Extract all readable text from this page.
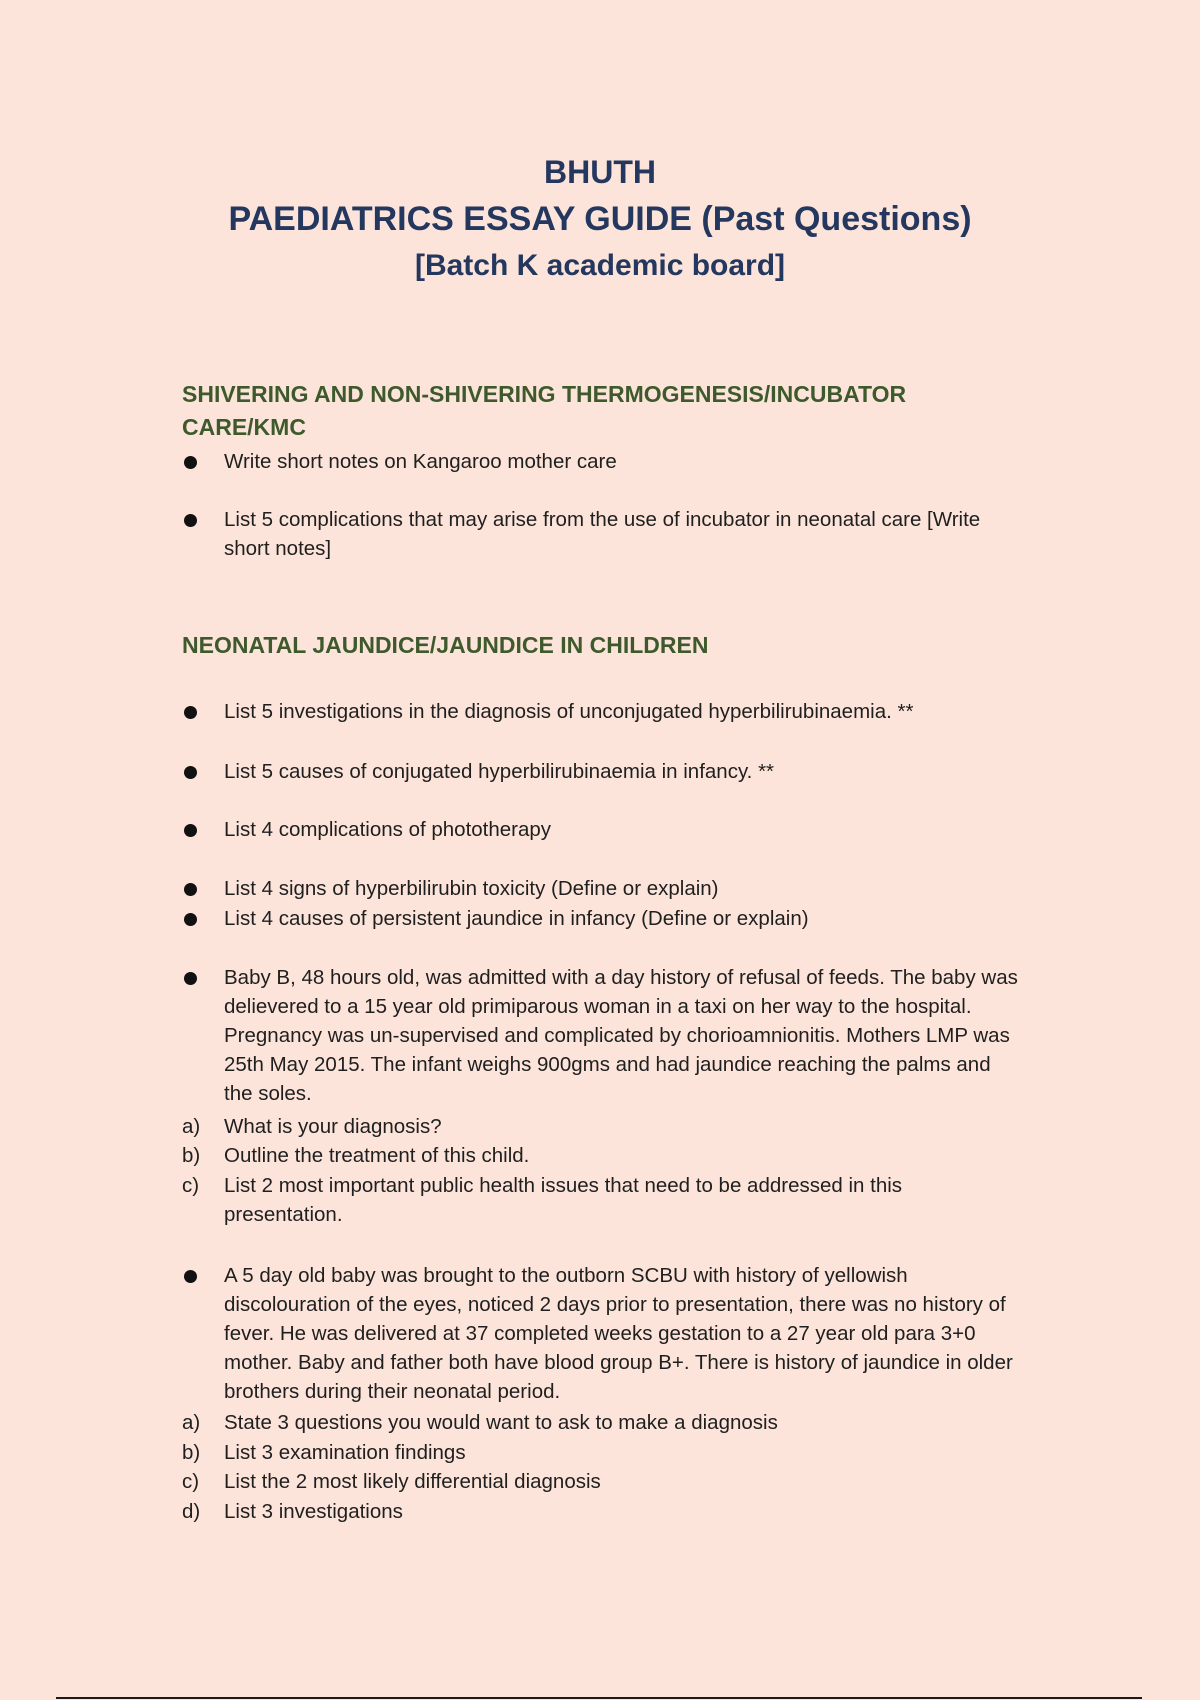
BHUTH
PAEDIATRICS ESSAY GUIDE (Past Questions)
[Batch K academic board]
SHIVERING AND NON-SHIVERING THERMOGENESIS/INCUBATOR
CARE/KMC
Write short notes on Kangaroo mother care
List 5 complications that may arise from the use of incubator in neonatal care [Write short notes]
NEONATAL JAUNDICE/JAUNDICE IN CHILDREN
List 5 investigations in the diagnosis of unconjugated hyperbilirubinaemia. **
List 5 causes of conjugated hyperbilirubinaemia in infancy. **
List 4 complications of phototherapy
List 4 signs of hyperbilirubin toxicity (Define or explain)
List 4 causes of persistent jaundice in infancy (Define or explain)
Baby B, 48 hours old, was admitted with a day history of refusal of feeds. The baby was delievered to a 15 year old primiparous woman in a taxi on her way to the hospital. Pregnancy was un-supervised and complicated by chorioamnionitis. Mothers LMP was 25th May 2015. The infant weighs 900gms and had jaundice reaching the palms and the soles.
a)	What is your diagnosis?
b)	Outline the treatment of this child.
c)	List 2 most important public health issues that need to be addressed in this presentation.
A 5 day old baby was brought to the outborn SCBU with history of yellowish discolouration of the eyes, noticed 2 days prior to presentation, there was no history of fever. He was delivered at 37 completed weeks gestation to a 27 year old para 3+0 mother. Baby and father both have blood group B+. There is history of jaundice in older brothers during their neonatal period.
a)	State 3 questions you would want to ask to make a diagnosis
b)	List 3 examination findings
c)	List the 2 most likely differential diagnosis
d)	List 3 investigations
